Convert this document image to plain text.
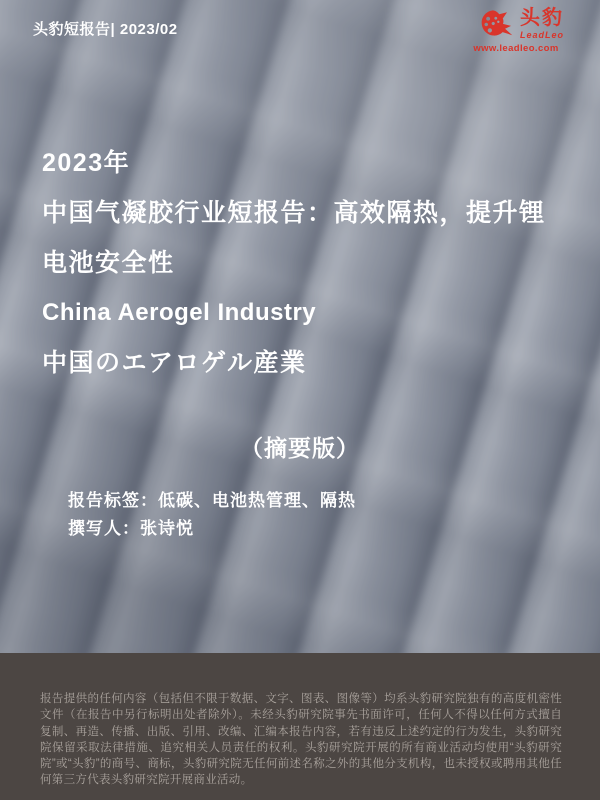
头豹短报告| 2023/02
头豹
LeadLeo
www.leadleo.com
2023年
中国气凝胶行业短报告：高效隔热，提升锂
电池安全性
China Aerogel Industry
中国のエアロゲル産業
（摘要版）
报告标签：低碳、电池热管理、隔热
撰写人：张诗悦

报告提供的任何内容（包括但不限于数据、文字、图表、图像等）均系头豹研究院独有的高度机密性文件（在报告中另行标明出处者除外）。未经头豹研究院事先书面许可，任何人不得以任何方式擅自复制、再造、传播、出版、引用、改编、汇编本报告内容，若有违反上述约定的行为发生，头豹研究院保留采取法律措施、追究相关人员责任的权利。头豹研究院开展的所有商业活动均使用“头豹研究院”或“头豹”的商号、商标，头豹研究院无任何前述名称之外的其他分支机构，也未授权或聘用其他任何第三方代表头豹研究院开展商业活动。
